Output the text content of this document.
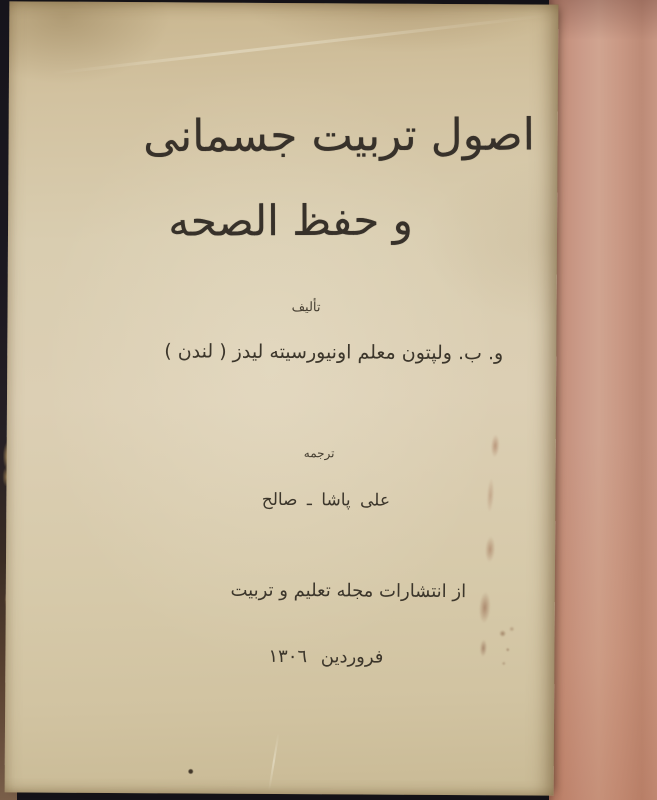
اصول تربیت جسمانی
و حفظ الصحه
تألیف
و. ب. ولپتون معلم اونیورسیته لیدز ( لندن )
ترجمه
علی پاشا ـ صالح
از انتشارات مجله تعلیم و تربیت
فروردین ۱۳۰٦
